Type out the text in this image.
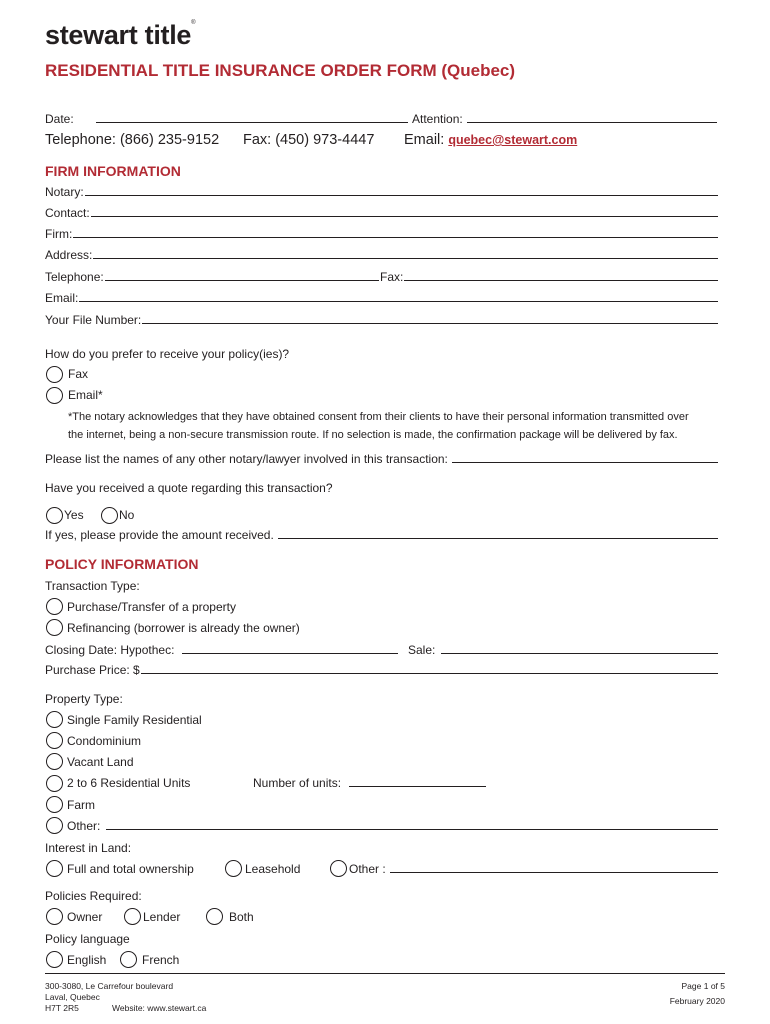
stewart title®
RESIDENTIAL TITLE INSURANCE ORDER FORM (Quebec)
Date:	Attention:
Telephone: (866) 235-9152 Fax: (450) 973-4447 Email: quebec@stewart.com
FIRM INFORMATION
Notary:
Contact:
Firm:
Address:
Telephone:	Fax:
Email:
Your File Number:
How do you prefer to receive your policy(ies)?
Fax
Email*
*The notary acknowledges that they have obtained consent from their clients to have their personal information transmitted over
the internet, being a non-secure transmission route. If no selection is made, the confirmation package will be delivered by fax.
Please list the names of any other notary/lawyer involved in this transaction:
Have you received a quote regarding this transaction?
Yes	No
If yes, please provide the amount received.
POLICY INFORMATION
Transaction Type:
Purchase/Transfer of a property
Refinancing (borrower is already the owner)
Closing Date: Hypothec:	Sale:
Purchase Price: $
Property Type:
Single Family Residential
Condominium
Vacant Land
2 to 6 Residential Units	Number of units:
Farm
Other:
Interest in Land:
Full and total ownership	Leasehold	Other :
Policies Required:
Owner	Lender	Both
Policy language
English	French
300-3080, Le Carrefour boulevard
Laval, Quebec
H7T 2R5	Website: www.stewart.ca
Page 1 of 5
February 2020
